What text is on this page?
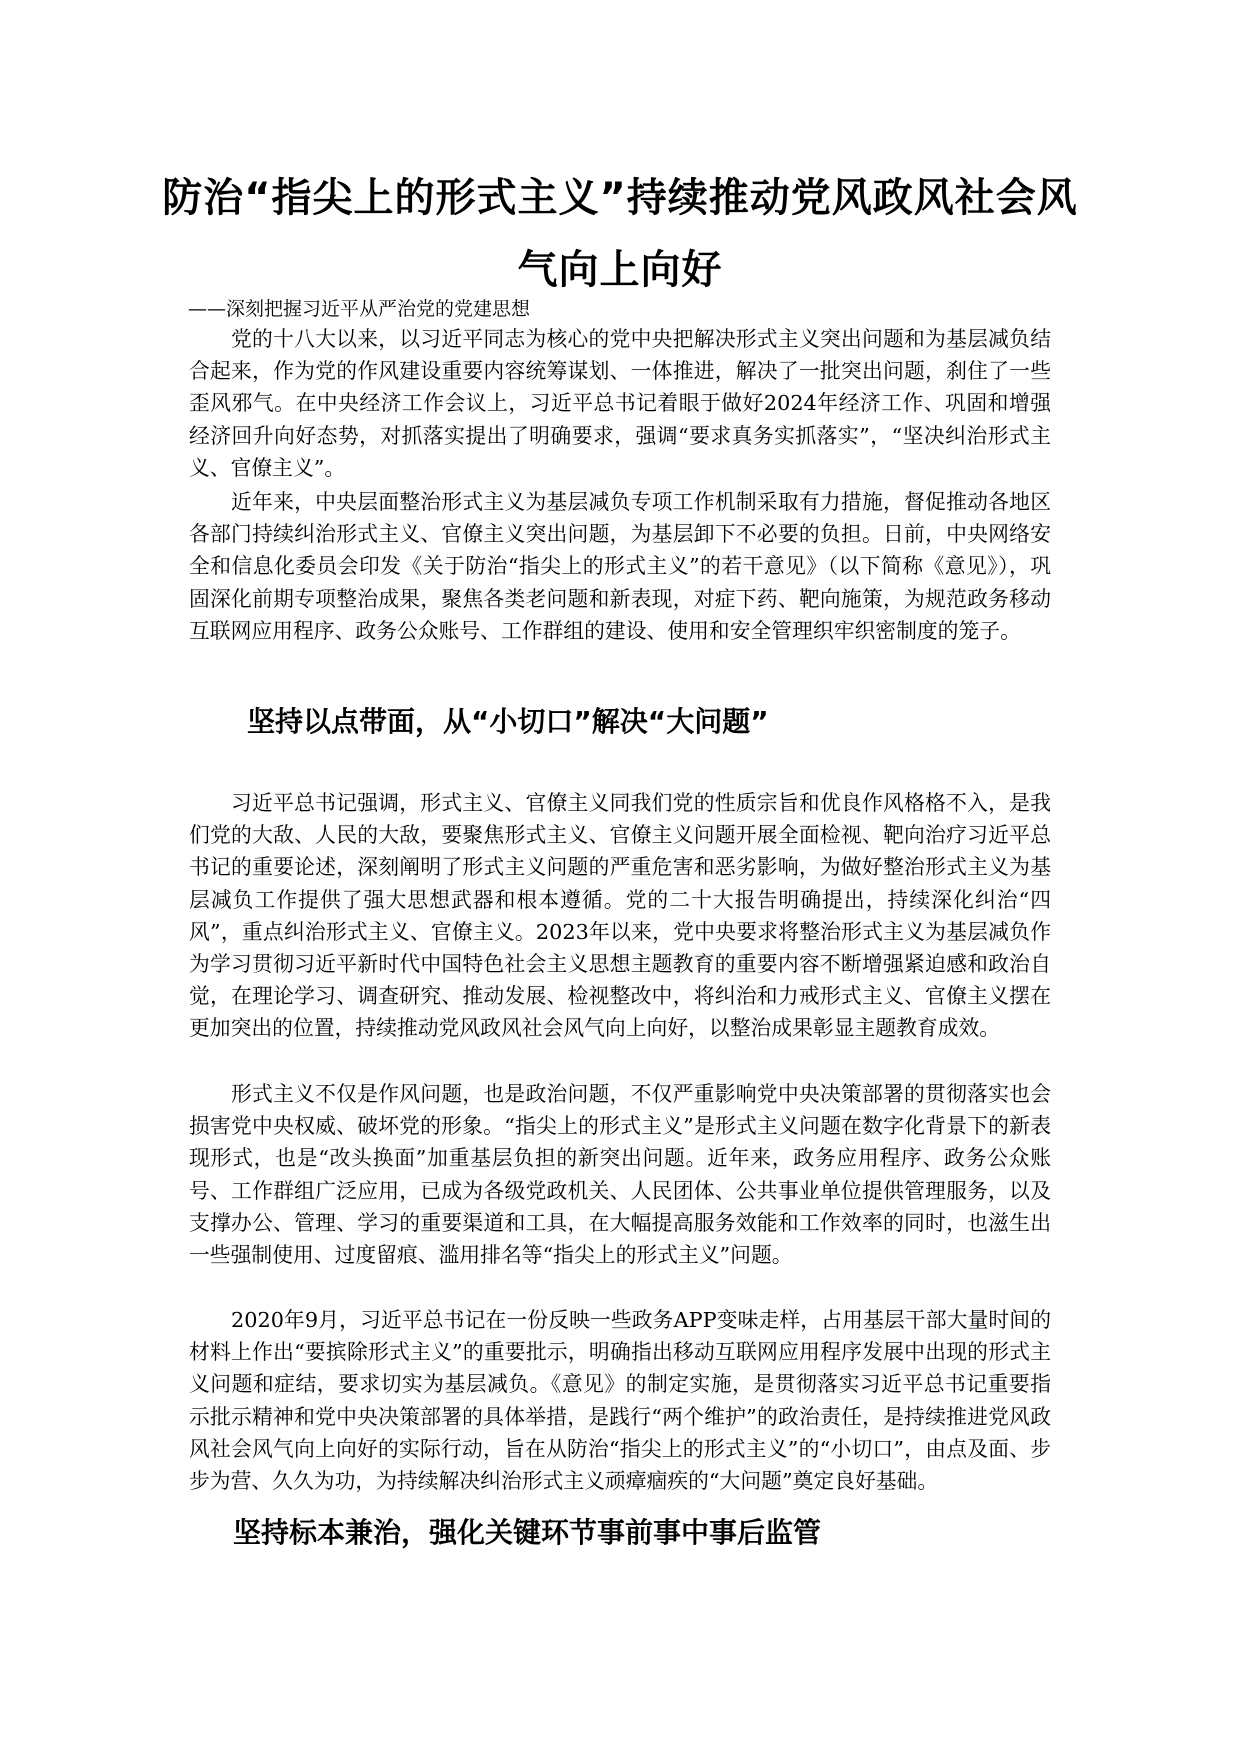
防治“指尖上的形式主义”持续推动党风政风社会风气向上向好

——深刻把握习近平从严治党的党建思想

党的十八大以来，以习近平同志为核心的党中央把解决形式主义突出问题和为基层减负结合起来，作为党的作风建设重要内容统筹谋划、一体推进，解决了一批突出问题，刹住了一些歪风邪气。在中央经济工作会议上，习近平总书记着眼于做好2024年经济工作、巩固和增强经济回升向好态势，对抓落实提出了明确要求，强调“要求真务实抓落实”，“坚决纠治形式主义、官僚主义”。

近年来，中央层面整治形式主义为基层减负专项工作机制采取有力措施，督促推动各地区各部门持续纠治形式主义、官僚主义突出问题，为基层卸下不必要的负担。日前，中央网络安全和信息化委员会印发《关于防治“指尖上的形式主义”的若干意见》（以下简称《意见》），巩固深化前期专项整治成果，聚焦各类老问题和新表现，对症下药、靶向施策，为规范政务移动互联网应用程序、政务公众账号、工作群组的建设、使用和安全管理织牢织密制度的笼子。

坚持以点带面，从“小切口”解决“大问题”

习近平总书记强调，形式主义、官僚主义同我们党的性质宗旨和优良作风格格不入，是我们党的大敌、人民的大敌，要聚焦形式主义、官僚主义问题开展全面检视、靶向治疗习近平总书记的重要论述，深刻阐明了形式主义问题的严重危害和恶劣影响，为做好整治形式主义为基层减负工作提供了强大思想武器和根本遵循。党的二十大报告明确提出，持续深化纠治“四风”，重点纠治形式主义、官僚主义。2023年以来，党中央要求将整治形式主义为基层减负作为学习贯彻习近平新时代中国特色社会主义思想主题教育的重要内容不断增强紧迫感和政治自觉，在理论学习、调查研究、推动发展、检视整改中，将纠治和力戒形式主义、官僚主义摆在更加突出的位置，持续推动党风政风社会风气向上向好，以整治成果彰显主题教育成效。

形式主义不仅是作风问题，也是政治问题，不仅严重影响党中央决策部署的贯彻落实也会损害党中央权威、破坏党的形象。“指尖上的形式主义”是形式主义问题在数字化背景下的新表现形式，也是“改头换面”加重基层负担的新突出问题。近年来，政务应用程序、政务公众账号、工作群组广泛应用，已成为各级党政机关、人民团体、公共事业单位提供管理服务，以及支撑办公、管理、学习的重要渠道和工具，在大幅提高服务效能和工作效率的同时，也滋生出一些强制使用、过度留痕、滥用排名等“指尖上的形式主义”问题。

2020年9月，习近平总书记在一份反映一些政务APP变味走样，占用基层干部大量时间的材料上作出“要摈除形式主义”的重要批示，明确指出移动互联网应用程序发展中出现的形式主义问题和症结，要求切实为基层减负。《意见》的制定实施，是贯彻落实习近平总书记重要指示批示精神和党中央决策部署的具体举措，是践行“两个维护”的政治责任，是持续推进党风政风社会风气向上向好的实际行动，旨在从防治“指尖上的形式主义”的“小切口”，由点及面、步步为营、久久为功，为持续解决纠治形式主义顽瘴痼疾的“大问题”奠定良好基础。

坚持标本兼治，强化关键环节事前事中事后监管
